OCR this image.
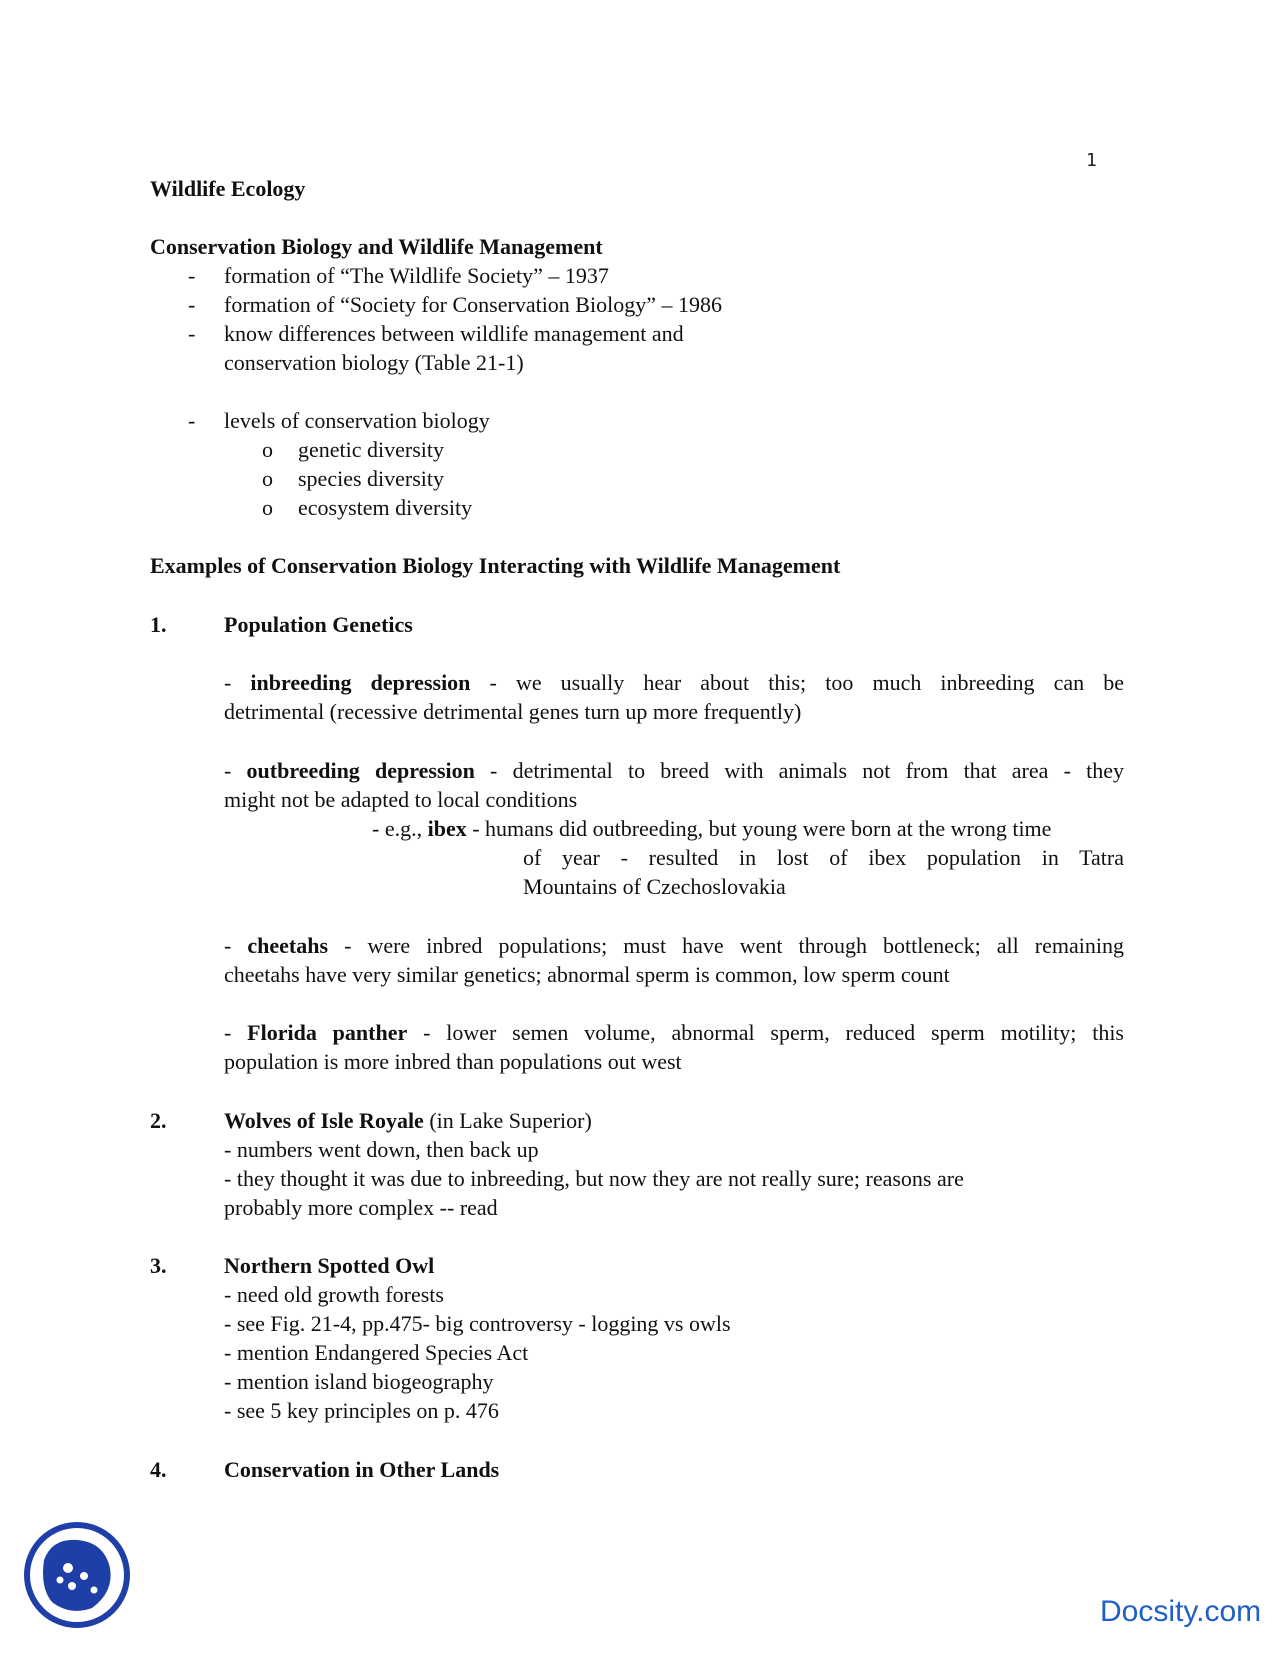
1
Wildlife Ecology
Conservation Biology and Wildlife Management
- formation of “The Wildlife Society” – 1937
- formation of “Society for Conservation Biology” – 1986
- know differences between wildlife management and
conservation biology (Table 21-1)
- levels of conservation biology
o genetic diversity
o species diversity
o ecosystem diversity
Examples of Conservation Biology Interacting with Wildlife Management
1.	Population Genetics
- inbreeding depression - we usually hear about this; too much inbreeding can be
detrimental (recessive detrimental genes turn up more frequently)
- outbreeding depression - detrimental to breed with animals not from that area - they
might not be adapted to local conditions
- e.g., ibex - humans did outbreeding, but young were born at the wrong time
of year - resulted in lost of ibex population in Tatra
Mountains of Czechoslovakia
- cheetahs - were inbred populations; must have went through bottleneck; all remaining
cheetahs have very similar genetics; abnormal sperm is common, low sperm count
- Florida panther - lower semen volume, abnormal sperm, reduced sperm motility; this
population is more inbred than populations out west
2.	Wolves of Isle Royale (in Lake Superior)
- numbers went down, then back up
- they thought it was due to inbreeding, but now they are not really sure; reasons are
probably more complex -- read
3.	Northern Spotted Owl
- need old growth forests
- see Fig. 21-4, pp.475- big controversy - logging vs owls
- mention Endangered Species Act
- mention island biogeography
- see 5 key principles on p. 476
4.	Conservation in Other Lands
Docsity.com
